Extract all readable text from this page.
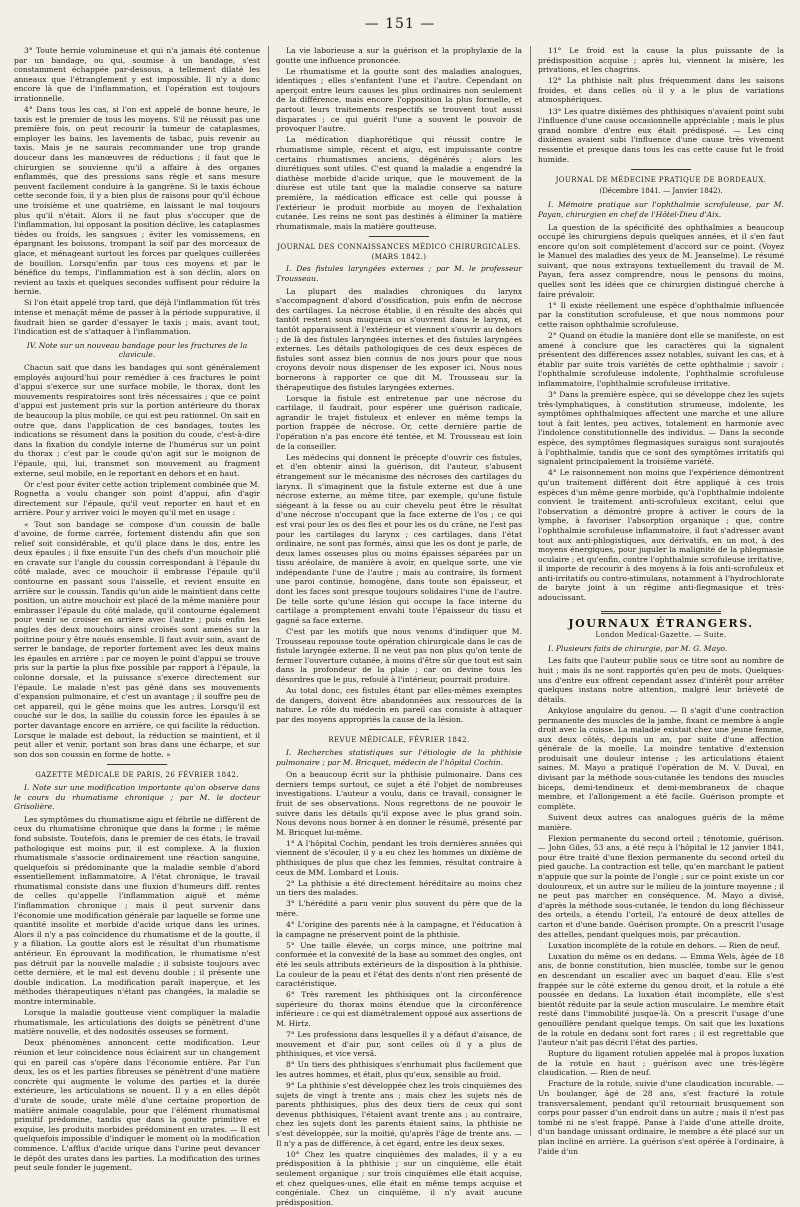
— 151 —

3° Toute hernie volumineuse et qui n'a jamais été contenue par un bandage, ou qui, soumise à un bandage, s'est constamment échappée par-dessous, a tellement dilaté les anneaux que l'étranglement y est impossible. Il n'y a donc encore là que de l'inflammation, et l'opération est toujours irrationnelle.

4° Dans tous les cas, si l'on est appelé de bonne heure, le taxis est le premier de tous les moyens. S'il ne réussit pas une première fois, on peut recourir la tumeur de cataplasmes, employer les bains, les lavements de tabac, puis revenir au taxis. Mais je ne saurais recommander une trop grande douceur dans les manœuvres de réductions ; il faut que le chirurgien se souvienne qu'il a affaire à des organes enflammés, que des pressions sans règle et sans mesure peuvent facilement conduire à la gangrène. Si le taxis échoue cette seconde fois, il y a bien plus de raisons pour qu'il échoue une troisième et une quatrième, en laissant le mal toujours plus qu'il n'était. Alors il ne faut plus s'occuper que de l'inflammation, lui opposant la position déclive, les cataplasmes tièdes ou froids, les sangsues ; éviter les vomissemens, en épargnant les boissons, trompant la soif par des morceaux de glace, et ménageant surtout les forces par quelques cuillerées de bouillon. Lorsqu'enfin par tous ces moyens et par le bénéfice du temps, l'inflammation est à son déclin, alors on revient au taxis et quelques secondes suffisent pour réduire la hernie.

Si l'on était appelé trop tard, que déjà l'inflammation fût très intense et menaçât même de passer à la période suppurative, il faudrait bien se garder d'essayer le taxis ; mais, avant tout, l'indication est de s'attaquer à l'inflammation.

IV. Note sur un nouveau bandage pour les fractures de la clavicule.

Chacun sait que dans les bandages qui sont généralement employés aujourd'hui pour remédier à ces fractures le point d'appui s'exerce sur une surface mobile, le thorax, dont les mouvements respiratoires sont très nécessaires ; que ce point d'appui est justement pris sur la portion antérieure du thorax de beaucoup la plus mobile, ce qui est peu rationnel. On sait en outre que, dans l'application de ces bandages, toutes les indications se résument dans la position du coude, c'est-à-dire dans la fixation du condyle interne de l'humérus sur un point du thorax ; c'est par le coude qu'on agit sur le moignon de l'épaule, qui, lui, transmet son mouvement au fragment externe, seul mobile, en le reportant en dehors et en haut.

Or c'est pour éviter cette action triplement combinée que M. Rognetta a voulu changer son point d'appui, afin d'agir directement sur l'épaule, qu'il veut reporter en haut et en arrière. Pour y arriver voici le moyen qu'il met en usage :

« Tout son bandage se compose d'un coussin de balle d'avoine, de forme carrée, fortement distendu afin que son relief soit considérable, et qu'il place dans le dos, entre les deux épaules ; il fixe ensuite l'un des chefs d'un mouchoir plié en cravate sur l'angle du coussin correspondant à l'épaule du côté malade, avec ce mouchoir il embrasse l'épaule qu'il contourne en passant sous l'aisselle, et revient ensuite en arrière sur le coussin. Tandis qu'un aide le maintient dans cette position, un autre mouchoir est placé de la même manière pour embrasser l'épaule du côté malade, qu'il contourne également pour venir se croiser en arrière avec l'autre ; puis enfin les angles des deux mouchoirs ainsi croisés sont amenés sur la poitrine pour y être noués ensemble. Il faut avoir soin, avant de serrer le bandage, de reporter fortement avec les deux mains les épaules en arrière : par ce moyen le point d'appui se trouve pris sur la partie la plus fixe possible par rapport à l'épaule, la colonne dorsale, et la puissance s'exerce directement sur l'épaule. Le malade n'est pas gêné dans ses mouvements d'expansion pulmonaire, et c'est un avantage ; il souffre peu de cet appareil, qui le gêne moins que les autres. Lorsqu'il est couché sur le dos, la saillie du coussin force les épaules à se porter davantage encore en arrière, ce qui facilite la réduction. Lorsque le malade est debout, la réduction se maintient, et il peut aller et venir, portant son bras dans une écharpe, et sur son dos son coussin en forme de hotte. »

GAZETTE MÉDICALE DE PARIS, 26 FÉVRIER 1842.

I. Note sur une modification importante qu'on observe dans le cours du rhumatisme chronique ; par M. le docteur Grisolière.

Les symptômes du rhumatisme aigu et fébrile ne diffèrent de ceux du rhumatisme chronique que dans la forme ; le même fond subsiste. Toutefois, dans le premier de ces états, le travail pathologique est moins pur, il est complexe. A la fluxion rhumatismale s'associe ordinairement une réaction sanguine, quelquefois si prédominante que la maladie semble d'abord essentiellement inflammatoire. A l'état chronique, le travail rhumatismal consiste dans une fluxion d'humeurs diff. rentes de celles qu'appelle l'inflammation aiguë et même l'inflammation chronique ; mais il peut survenir dans l'économie une modification générale par laquelle se forme une quantité insolite et morbide d'acide urique dans les urines. Alors il n'y a pas coïncidence du rhumatisme et de la goutte, il y a filiation. La goutte alors est le résultat d'un rhumatisme antérieur. En éprouvant la modification, le rhumatisme n'est pas détruit par la nouvelle maladie ; il subsiste toujours avec cette dernière, et le mal est devenu double ; il présente une double indication. La modification paraît inaperçue, et les méthodes thérapeutiques n'étant pas changées, la maladie se montre interminable.

Lorsque la maladie goutteuse vient compliquer la maladie rhumatismale, les articulations des doigts se pénètrent d'une matière nouvelle, et des nodosités osseuses se forment.

Deux phénomènes annoncent cette modification. Leur réunion et leur coïncidence nous éclairent sur un changement qui en pareil cas s'opère dans l'économie entière. Par l'un deux, les os et les parties fibreuses se pénètrent d'une matière concrète qui augmente le volume des parties et la durée extérieure, les articulations se nouent. Il y a en elles dépôt d'urate de soude, urate mêlé d'une certaine proportion de matière animale coagulable, pour que l'élément rhumatismal primitif prédomine, tandis que dans la goutte primitive et exquise, les produits morbides prédominent en urates. — Il est quelquefois impossible d'indiquer le moment où la modification commence. L'afflux d'acide urique dans l'urine peut devancer le dépôt des urates dans les parties. La modification des urines peut seule fonder le jugement.

La vie laborieuse a sur la guérison et la prophylaxie de la goutte une influence prononcée.

Le rhumatisme et la goutte sont des maladies analogues, identiques ; elles s'enfantent l'une et l'autre. Cependant on aperçoit entre leurs causes les plus ordinaires non seulement de la différence, mais encore l'opposition la plus formelle, et partout leurs traitements respectifs se trouvent tout aussi disparates ; ce qui guérit l'une a souvent le pouvoir de provoquer l'autre.

La médication diaphorétique qui réussit contre le rhumatisme simple, récent et aigu, est impuissante contre certains rhumatismes anciens, dégénérés ; alors les diurétiques sont utiles. C'est quand la maladie a engendré la diathèse morbide d'acide urique, que le mouvement de la diurèse est utile tant que la maladie conserve sa nature première, la médication efficace est celle qui pousse à l'extérieur le produit morbide au moyen de l'exhalation cutanée. Les reins ne sont pas destinés à éliminer la matière rhumatismale, mais la matière goutteuse.

JOURNAL DES CONNAISSANCES MÉDICO CHIRURGICALES. (MARS 1842.)

I. Des fistules laryngées externes ; par M. le professeur Trousseau.

La plupart des maladies chroniques du larynx s'accompagnent d'abord d'ossification, puis enfin de nécrose des cartilages. La nécrose établie, il en résulte des abcès qui tantôt restent sous muqueux ou s'ouvrent dans le larynx, et tantôt apparaissent à l'extérieur et viennent s'ouvrir au dehors ; de là des fistules laryngées internes et des fistules laryngées externes. Les détails pathologiques de ces deux espèces de fistules sont assez bien connus de nos jours pour que nous croyons devoir nous dispenser de les exposer ici. Nous nous bornerons à rapporter ce que dit M. Trousseau sur la thérapeutique des fistules laryngées externes.

Lorsque la fistule est entretenue par une nécrose du cartilage, il faudrait, pour espérer une guérison radicale, agrandir le trajet fistuleux et enlever en même temps la portion frappée de nécrose. Or, cette dernière partie de l'opération n'a pas encore été tentée, et M. Trousseau est loin de la conseiller.

Les médecins qui donnent le précepte d'ouvrir ces fistules, et d'en obtenir ainsi la guérison, dit l'auteur, s'abusent étrangement sur le mécanisme des nécroses des cartilages du larynx. Il s'imaginent que la fistule externe est due à une nécrose externe, au même titre, par exemple, qu'une fistule siégeant à la fesse ou au cuir chevelu peut être le résultat d'une nécrose n'occupant que la face externe de l'os ; ce qui est vrai pour les os des fles et pour les os du crâne, ne l'est pas pour les cartilages du larynx ; ces cartilages, dans l'état ordinaire, ne sont pas formés, ainsi que les os dont je parle, de deux lames osseuses plus ou moins épaisses séparées par un tissu aréolaire, de manière à avoir, en quelque sorte, une vie indépendante l'une de l'autre ; mais au contraire, ils forment une paroi continue, homogène, dans toute son épaisseur, et dont les faces sont presque toujours solidaires l'une de l'autre. De telle sorte qu'une lésion qui occupe la face interne du cartilage a promptement envahi toute l'épaisseur du tissu et gagné sa face externe.

C'est par les motifs que nous venons d'indiquer que M. Trousseau repousse toute opération chirurgicale dans le cas de fistule laryngée externe. Il ne veut pas non plus qu'on tente de fermer l'ouverture cutanée, à moins d'être sûr que tout est sain dans la profondeur de la plaie ; car on devine tous les désordres que le pus, refoulé à l'intérieur, pourrait produire.

Au total donc, ces fistules étant par elles-mêmes exemptes de dangers, doivent être abandonnées aux ressources de la nature. Le rôle du médecin en pareil cas consiste à attaquer par des moyens appropriés la cause de la lésion.

REVUE MÉDICALE, FÉVRIER 1842.

I. Recherches statistiques sur l'étiologie de la phthisie pulmonaire ; par M. Bricquet, médecin de l'hôpital Cochin.

On a beaucoup écrit sur la phthisie pulmonaire. Dans ces derniers temps surtout, ce sujet a été l'objet de nombreuses investigations. L'auteur a voulu, dans ce travail, consigner le fruit de ses observations. Nous regrettons de ne pouvoir le suivre dans les détails qu'il expose avec le plus grand soin. Nous devons nous borner à en donner le résumé, présenté par M. Bricquet lui-même.

1° A l'hôpital Cochin, pendant les trois dernières années qui viennent de s'écouler, il y a eu chez les hommes un dixième de phthisiques de plus que chez les femmes, résultat contraire à ceux de MM. Lombard et Louis.

2° La phthisie a été directement héréditaire au moins chez un tiers des malades.

3° L'hérédité a paru venir plus souvent du père que de la mère.

4° L'origine des parents née à la campagne, et l'éducation à la campagne ne préservent point de la phthisie.

5° Une taille élevée, un corps mince, une poitrine mal conformée et la convexité de la base au sommet des ongles, ont été les seuls attributs extérieurs de la disposition à la phthisie. La couleur de la peau et l'état des dents n'ont rien présenté de caractéristique.

6° Très rarement les phthisiques ont la circonférence supérieure du thorax moins étendue que la circonférence inférieure : ce qui est diamétralement opposé aux assertions de M. Hirtz.

7° Les professions dans lesquelles il y a défaut d'aisance, de mouvement et d'air pur, sont celles où il y a plus de phthisiques, et vice versâ.

8° Un tiers des phthisiques s'enrhumait plus facilement que les autres hommes, et était, plus qu'eux, sensible au froid.

9° La phthisie s'est développée chez les trois cinquièmes des sujets de vingt à trente ans ; mais chez les sujets nés de parents phthisiques, plus des deux tiers de ceux qui sont devenus phthisiques, l'étaient avant trente ans ; au contraire, chez les sujets dont les parents étaient sains, la phthisie ne s'est développée, sur la moitié, qu'après l'âge de trente ans. — Il n'y a pas de différence, à cet égard, entre les deux sexes.

10° Chez les quatre cinquièmes des malades, il y a eu prédisposition à la phthisie ; sur un cinquième, elle était seulement organique ; sur trois cinquièmes elle était acquise, et chez quelques-unes, elle était en même temps acquise et congéniale. Chez un cinquième, il n'y avait aucune prédisposition.

11° Le froid est la cause la plus puissante de la prédisposition acquise ; après lui, viennent la misère, les privations, et les chagrins.

12° La phthisie naît plus fréquemment dans les saisons froides, et dans celles où il y a le plus de variations atmosphériques.

13° Les quatre dixièmes des phthisiques n'avaient point subi l'influence d'une cause occasionnelle appréciable ; mais le plus grand nombre d'entre eux était prédisposé. — Les cinq dixièmes avaient subi l'influence d'une cause très vivement ressentie et presque dans tous les cas cette cause fut le froid humide.

JOURNAL DE MÉDECINE PRATIQUE DE BORDEAUX.

(Décembre 1841. — Janvier 1842).

I. Mémoire pratique sur l'ophthalmie scrofuleuse, par M. Payan, chirurgien en chef de l'Hôtel-Dieu d'Aix.

La question de la spécificité des ophthalmies a beaucoup occupé les chirurgiens depuis quelques années, et il s'en faut encore qu'on soit complètement d'accord sur ce point. (Voyez le Manuel des maladies des yeux de M. Jeanselme). Le résumé suivant, que nous extrayons textuellement du travail de M. Payan, fera assez comprendre, nous le pensons du moins, quelles sont les idées que ce chirurgien distingué cherche à faire prévaloir.

1° Il existe réellement une espèce d'ophthalmie influencée par la constitution scrofuleuse, et que nous nommons pour cette raison ophthalmie scrofuleuse.

2° Quand on étudie la manière dont elle se manifeste, on est amené à conclure que les caractères qui la signalent présentent des différences assez notables, suivant les cas, et à établir par suite trois variétés de cette ophthalmie ; savoir : l'ophthalmie scrofuleuse indolente, l'ophthalmie scrofuleuse inflammatoire, l'ophthalmie scrofuleuse irritative.

3° Dans la première espèce, qui se développe chez les sujets très-lymphatiques, à constitution strumeuse, indolente, les symptômes ophthalmiques affectent une marche et une allure tout à fait lentes, peu actives, totalement en harmonie avec l'indolence constitutionnelle des individus. — Dans la seconde espèce, des symptômes flegmasiques suraigus sont surajoutés à l'ophthalmie, tandis que ce sont des symptômes irritatifs qui signalent principalement la troisième variété.

4° Le raisonnement non moins que l'expérience démontrent qu'un traitement différent doit être appliqué à ces trois espèces d'un même genre morbide, qu'à l'ophthalmie indolente convient le traitement anti-scrofuleux excitant, celui que l'observation a démontré propre à activer le cours de la lymphe, à favoriser l'absorption organique ; que, contre l'ophthalmie scrofuleuse inflammatoire, il faut s'adresser avant tout aux anti-phlogistiques, aux dérivatifs, en un mot, à des moyens énergiques, pour juguler la malignité de la phlegmasie oculaire ; et qu'enfin, contre l'ophthalmie scrofuleuse irritative, il importe de recourir à des moyens à la fois anti-scrofuleux et anti-irritatifs ou contro-stimulans, notamment à l'hydrochlorate de baryte joint à un régime anti-flegmasique et très-adoucissant.

JOURNAUX ÉTRANGERS.

London Medical-Gazette. — Suite.

I. Plusieurs faits de chirurgie, par M. G. Mayo.

Les faits que l'auteur publie sous ce titre sont au nombre de huit ; mais ils ne sont rapportés qu'en peu de mots. Quelques-uns d'entre eux offrent cependant assez d'intérêt pour arrêter quelques instans notre attention, malgré leur brièveté de détails.

Ankylose angulaire du genou. — Il s'agit d'une contraction permanente des muscles de la jambe, fixant ce membre à angle droit avec la cuisse. La maladie existait chez une jeune femme, aux deux côtés, depuis un an, par suite d'une affection générale de la moelle. La moindre tentative d'extension produisait une douleur intense ; les articulations étaient saines. M. Mayo a pratiqué l'opération de M. V. Duval, en divisant par la méthode sous-cutanée les tendons des muscles biceps, demi-tendineux et demi-membraneux de chaque membre, et l'allongement a été facile. Guérison prompte et complète.

Suivent deux autres cas analogues guéris de la même manière.

Flexion permanente du second orteil ; ténotomie, guérison. — John Giles, 53 ans, a été reçu à l'hôpital le 12 janvier 1841, pour être traité d'une flexion permanente du second orteil du pied gauche. La contraction est telle, qu'en marchant le patient n'appuie que sur la pointe de l'ongle ; sur ce point existe un cor douloureux, et un autre sur le milieu de la jointure moyenne ; il ne peut pas marcher en conséquence. M. Mayo a divisé, d'après la méthode sous-cutanée, le tendon du long fléchisseur des orteils, a étendu l'orteil, l'a entouré de deux attelles de carton et d'une bande. Guérison prompte. On a prescrit l'usage des attelles, pendant quelques mois, par précaution.

Luxation incomplète de la rotule en dehors. — Rien de neuf.

Luxation du même os en dedans. — Emma Wels, âgée de 18 ans, de bonne constitution, bien musclée, tombe sur le genou en descendant un escalier avec un baquet d'eau. Elle s'est frappée sur le côté externe du genou droit, et la rotule a été poussée en dedans. La luxation était incomplète, elle s'est bientôt réduite par la seule action musculaire. Le membre était resté dans l'immobilité jusque-là. On a prescrit l'usage d'une genouillère pendant quelque temps. On sait que les luxations de la rotule en dedans sont fort rares ; il est regrettable que l'auteur n'ait pas décrit l'état des parties.

Rupture du ligament rotulien appelée mal à propos luxation de la rotule en haut ; guérison avec une très-légère claudication. — Rien de neuf.

Fracture de la rotule, suivie d'une claudication incurable. — Un boulanger, âgé de 28 ans, s'est fracturé la rotule transversalement, pendant qu'il retournait brusquement son corps pour passer d'un endroit dans un autre ; mais il n'est pas tombé ni ne s'est frappé. Panse à l'aide d'une attelle droite, d'un bandage unissant ordinaire, le membre a été placé sur un plan incliné en arrière. La guérison s'est opérée à l'ordinaire, à l'aide d'un
